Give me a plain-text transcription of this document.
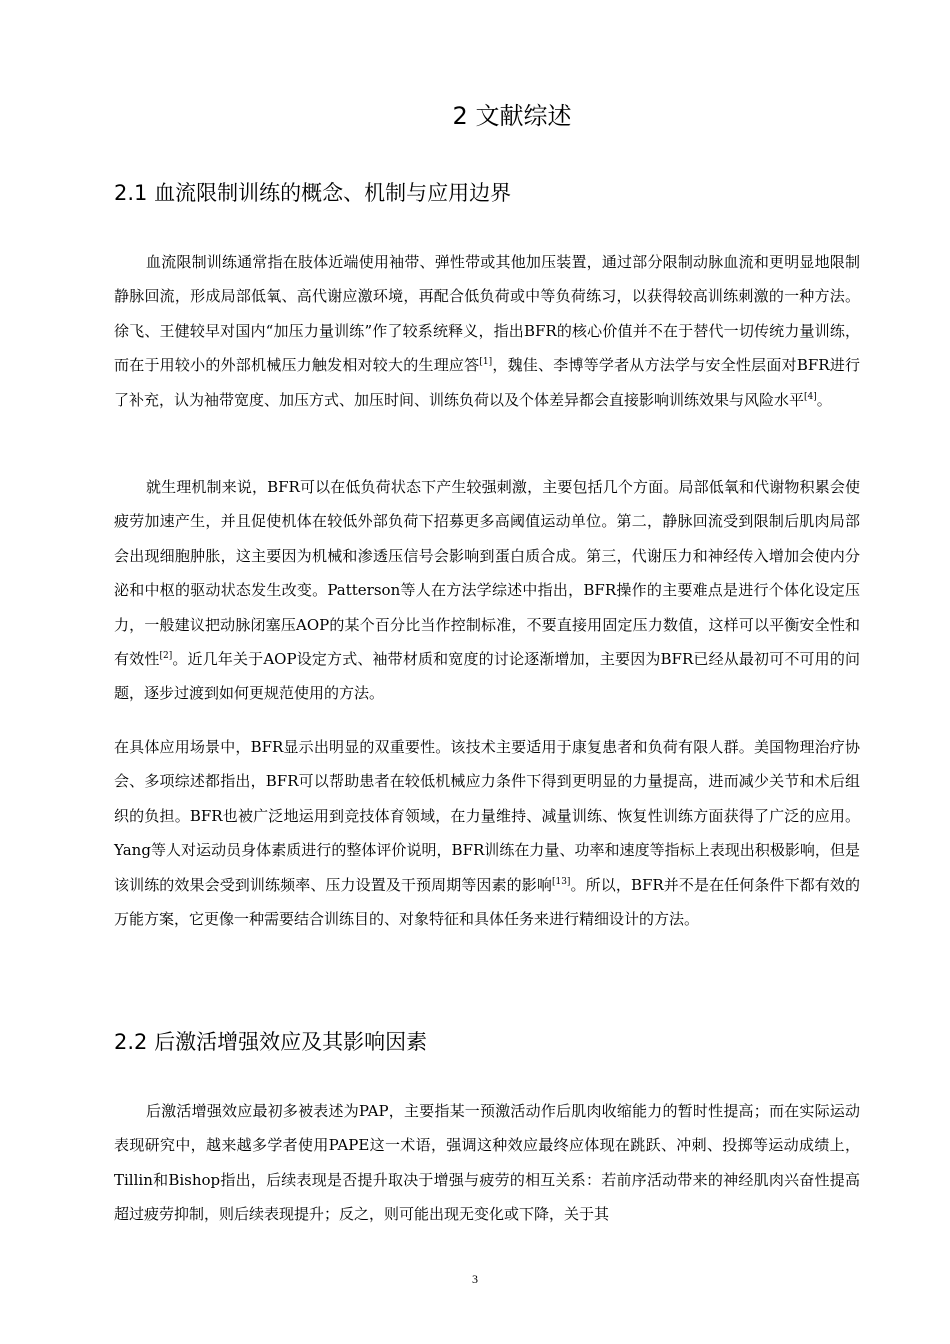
2 文献综述
2.1 血流限制训练的概念、机制与应用边界

血流限制训练通常指在肢体近端使用袖带、弹性带或其他加压装置，通过部分限制动脉血流和更明显地限制静脉回流，形成局部低氧、高代谢应激环境，再配合低负荷或中等负荷练习，以获得较高训练刺激的一种方法。徐飞、王健较早对国内“加压力量训练”作了较系统释义，指出BFR的核心价值并不在于替代一切传统力量训练，而在于用较小的外部机械压力触发相对较大的生理应答[1]，魏佳、李博等学者从方法学与安全性层面对BFR进行了补充，认为袖带宽度、加压方式、加压时间、训练负荷以及个体差异都会直接影响训练效果与风险水平[4]。

就生理机制来说，BFR可以在低负荷状态下产生较强刺激，主要包括几个方面。局部低氧和代谢物积累会使疲劳加速产生，并且促使机体在较低外部负荷下招募更多高阈值运动单位。第二，静脉回流受到限制后肌肉局部会出现细胞肿胀，这主要因为机械和渗透压信号会影响到蛋白质合成。第三，代谢压力和神经传入增加会使内分泌和中枢的驱动状态发生改变。Patterson等人在方法学综述中指出，BFR操作的主要难点是进行个体化设定压力，一般建议把动脉闭塞压AOP的某个百分比当作控制标准，不要直接用固定压力数值，这样可以平衡安全性和有效性[2]。近几年关于AOP设定方式、袖带材质和宽度的讨论逐渐增加，主要因为BFR已经从最初可不可用的问题，逐步过渡到如何更规范使用的方法。

在具体应用场景中，BFR显示出明显的双重要性。该技术主要适用于康复患者和负荷有限人群。美国物理治疗协会、多项综述都指出，BFR可以帮助患者在较低机械应力条件下得到更明显的力量提高，进而减少关节和术后组织的负担。BFR也被广泛地运用到竞技体育领域，在力量维持、减量训练、恢复性训练方面获得了广泛的应用。Yang等人对运动员身体素质进行的整体评价说明，BFR训练在力量、功率和速度等指标上表现出积极影响，但是该训练的效果会受到训练频率、压力设置及干预周期等因素的影响[13]。所以，BFR并不是在任何条件下都有效的万能方案，它更像一种需要结合训练目的、对象特征和具体任务来进行精细设计的方法。

2.2 后激活增强效应及其影响因素

后激活增强效应最初多被表述为PAP，主要指某一预激活动作后肌肉收缩能力的暂时性提高；而在实际运动表现研究中，越来越多学者使用PAPE这一术语，强调这种效应最终应体现在跳跃、冲刺、投掷等运动成绩上，Tillin和Bishop指出，后续表现是否提升取决于增强与疲劳的相互关系：若前序活动带来的神经肌肉兴奋性提高超过疲劳抑制，则后续表现提升；反之，则可能出现无变化或下降，关于其

3
